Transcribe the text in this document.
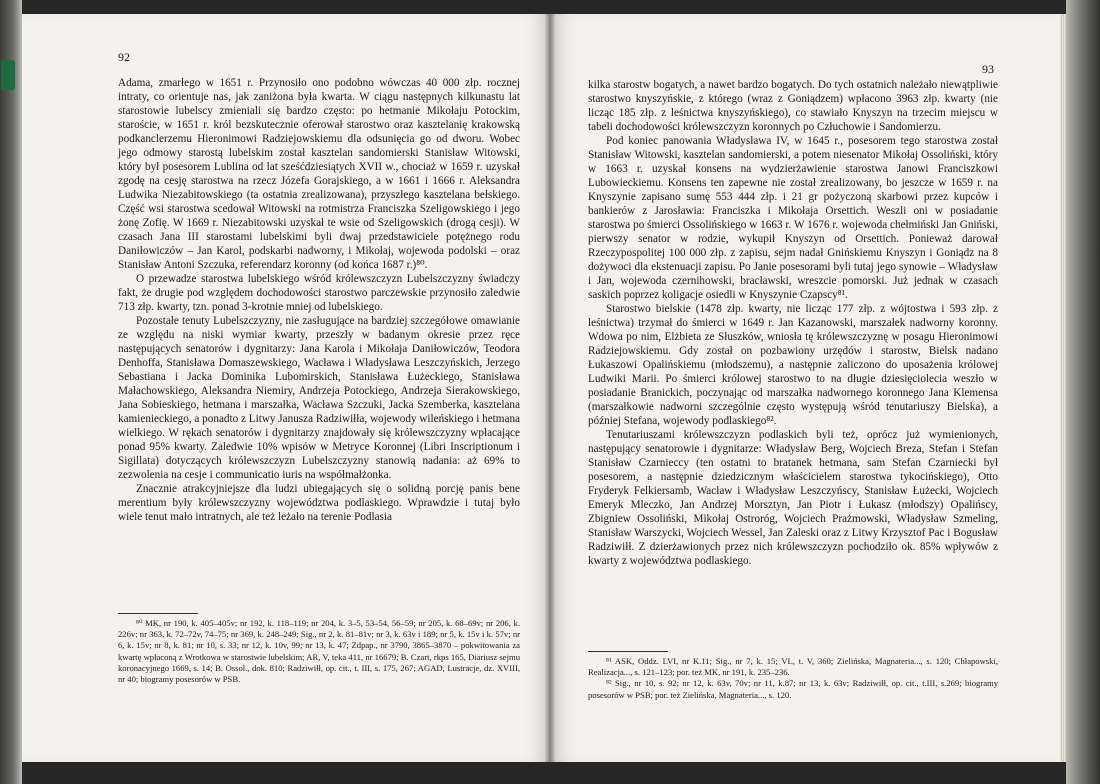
92

Adama, zmarłego w 1651 r. Przynosiło ono podobno wówczas 40 000 złp. rocznej intraty, co orientuje nas, jak zaniżona była kwarta. W ciągu następnych kilkunastu lat starostowie lubelscy zmieniali się bardzo często: po hetmanie Mikołaju Potockim, staroście, w 1651 r. król bezskutecznie oferował starostwo oraz kasztelanię krakowską podkanclerzemu Hieronimowi Radziejowskiemu dla odsunięcia go od dworu. Wobec jego odmowy starostą lubelskim został kasztelan sandomierski Stanisław Witowski, który był posesorem Lublina od lat sześćdziesiątych XVII w., chociaż w 1659 r. uzyskał zgodę na cesję starostwa na rzecz Józefa Gorajskiego, a w 1661 i 1666 r. Aleksandra Ludwika Niezabitowskiego (ta ostatnia zrealizowana), przyszłego kasztelana bełskiego. Część wsi starostwa scedował Witowski na rotmistrza Franciszka Szeligowskiego i jego żonę Zofię. W 1669 r. Niezabitowski uzyskał te wsie od Szeligowskich (drogą cesji). W czasach Jana III starostami lubelskimi byli dwaj przedstawiciele potężnego rodu Daniłowiczów – Jan Karol, podskarbi nadworny, i Mikołaj, wojewoda podolski – oraz Stanisław Antoni Szczuka, referendarz koronny (od końca 1687 r.)⁸⁰.

O przewadze starostwa lubelskiego wśród królewszczyzn Lubelszczyzny świadczy fakt, że drugie pod względem dochodowości starostwo parczewskie przynosiło zaledwie 713 złp. kwarty, tzn. ponad 3-krotnie mniej od lubelskiego.

Pozostałe tenuty Lubelszczyzny, nie zasługujące na bardziej szczegółowe omawianie ze względu na niski wymiar kwarty, przeszły w badanym okresie przez ręce następujących senatorów i dygnitarzy: Jana Karola i Mikołaja Daniłowiczów, Teodora Denhoffa, Stanisława Domaszewskiego, Wacława i Władysława Leszczyńskich, Jerzego Sebastiana i Jacka Dominika Lubomirskich, Stanisława Łużeckiego, Stanisława Małachowskiego, Aleksandra Niemiry, Andrzeja Potockiego, Andrzeja Sierakowskiego, Jana Sobieskiego, hetmana i marszałka, Wacława Szczuki, Jacka Szemberka, kasztelana kamienieckiego, a ponadto z Litwy Janusza Radziwiłła, wojewody wileńskiego i hetmana wielkiego. W rękach senatorów i dygnitarzy znajdowały się królewszczyzny wpłacające ponad 95% kwarty. Zaledwie 10% wpisów w Metryce Koronnej (Libri Inscriptionum i Sigillata) dotyczących królewszczyzn Lubelszczyzny stanowią nadania: aż 69% to zezwolenia na cesje i communicatio iuris na współmałżonka.

Znacznie atrakcyjniejsze dla ludzi ubiegających się o solidną porcję panis bene merentium były królewszczyzny województwa podlaskiego. Wprawdzie i tutaj było wiele tenut mało intratnych, ale też leżało na terenie Podlasia

⁸⁰ MK, nr 190, k. 405–405v; nr 192, k. 118–119; nr 204, k. 3–5, 53–54, 56–59; nr 205, k. 68–69v; nr 206, k. 226v; nr 363, k. 72–72v, 74–75; nr 369, k. 248–249; Sig., nr 2, k. 81–81v; nr 3, k. 63v i 189; nr 5, k. 15v i k. 57v; nr 6, k. 15v; nr 8, k. 81; nr 10, s. 33; nr 12, k. 10v, 99; nr 13, k. 47; Zdpap., nr 3790, 3865–3870 – pokwitowania za kwartę wpłaconą z Wrotkowa w starostwie lubelskim; AR, V, teka 411, nr 16679; B. Czart, rkps 165, Diariusz sejmu koronacyjnego 1669, s. 14; B. Ossol., dok. 810; Radziwiłł, op. cit., t. III, s. 175, 267; AGAD, Lustracje, dz. XVIII, nr 40; biogramy posesorów w PSB.

93

kilka starostw bogatych, a nawet bardzo bogatych. Do tych ostatnich należało niewątpliwie starostwo knyszyńskie, z którego (wraz z Goniądzem) wpłacono 3963 złp. kwarty (nie licząc 185 złp. z leśnictwa knyszyńskiego), co stawiało Knyszyn na trzecim miejscu w tabeli dochodowości królewszczyzn koronnych po Człuchowie i Sandomierzu.

Pod koniec panowania Władysława IV, w 1645 r., posesorem tego starostwa został Stanisław Witowski, kasztelan sandomierski, a potem niesenator Mikołaj Ossoliński, który w 1663 r. uzyskał konsens na wydzierżawienie starostwa Janowi Franciszkowi Lubowieckiemu. Konsens ten zapewne nie został zrealizowany, bo jeszcze w 1659 r. na Knyszynie zapisano sumę 553 444 złp. i 21 gr pożyczoną skarbowi przez kupców i bankierów z Jarosławia: Franciszka i Mikołaja Orsettich. Weszli oni w posiadanie starostwa po śmierci Ossolińskiego w 1663 r. W 1676 r. wojewoda chełmiński Jan Gniński, pierwszy senator w rodzie, wykupił Knyszyn od Orsettich. Ponieważ darował Rzeczypospolitej 100 000 złp. z zapisu, sejm nadał Gnińskiemu Knyszyn i Goniądz na 8 dożywoci dla ekstenuacji zapisu. Po Janie posesorami byli tutaj jego synowie – Władysław i Jan, wojewoda czernihowski, bracławski, wreszcie pomorski. Już jednak w czasach saskich poprzez koligacje osiedli w Knyszynie Czapscy⁸¹.

Starostwo bielskie (1478 złp. kwarty, nie licząc 177 złp. z wójtostwa i 593 złp. z leśnictwa) trzymał do śmierci w 1649 r. Jan Kazanowski, marszałek nadworny koronny. Wdowa po nim, Elżbieta ze Słuszków, wniosła tę królewszczyznę w posagu Hieronimowi Radziejowskiemu. Gdy został on pozbawiony urzędów i starostw, Bielsk nadano Łukaszowi Opalińskiemu (młodszemu), a następnie zaliczono do uposażenia królowej Ludwiki Marii. Po śmierci królowej starostwo to na długie dziesięciolecia weszło w posiadanie Branickich, poczynając od marszałka nadwornego koronnego Jana Klemensa (marszałkowie nadworni szczególnie często występują wśród tenutariuszy Bielska), a później Stefana, wojewody podlaskiego⁸².

Tenutariuszami królewszczyzn podlaskich byli też, oprócz już wymienionych, następujący senatorowie i dygnitarze: Władysław Berg, Wojciech Breza, Stefan i Stefan Stanisław Czarnieccy (ten ostatni to bratanek hetmana, sam Stefan Czarniecki był posesorem, a następnie dziedzicznym właścicielem starostwa tykocińskiego), Otto Fryderyk Felkiersamb, Wacław i Władysław Leszczyńscy, Stanisław Łużecki, Wojciech Emeryk Mleczko, Jan Andrzej Morsztyn, Jan Piotr i Łukasz (młodszy) Opalińscy, Zbigniew Ossoliński, Mikołaj Ostroróg, Wojciech Prażmowski, Władysław Szmeling, Stanisław Warszycki, Wojciech Wessel, Jan Zaleski oraz z Litwy Krzysztof Pac i Bogusław Radziwiłł. Z dzierżawionych przez nich królewszczyzn pochodziło ok. 85% wpływów z kwarty z województwa podlaskiego.

⁸¹ ASK, Oddz. LVI, nr K.11; Sig., nr 7, k. 15; VL, t. V, 360; Zielińska, Magnateria..., s. 120; Chłapowski, Realizacja..., s. 121–123; por. też MK, nr 191, k. 235–236.

⁸² Sig., nr 10, s. 92; nr 12, k. 63v, 70v; nr 11, k.87; nr 13, k. 63v; Radziwiłł, op. cit., t.III, s.269; biogramy posesorów w PSB; por. też Zielińska, Magnateria..., s. 120.
